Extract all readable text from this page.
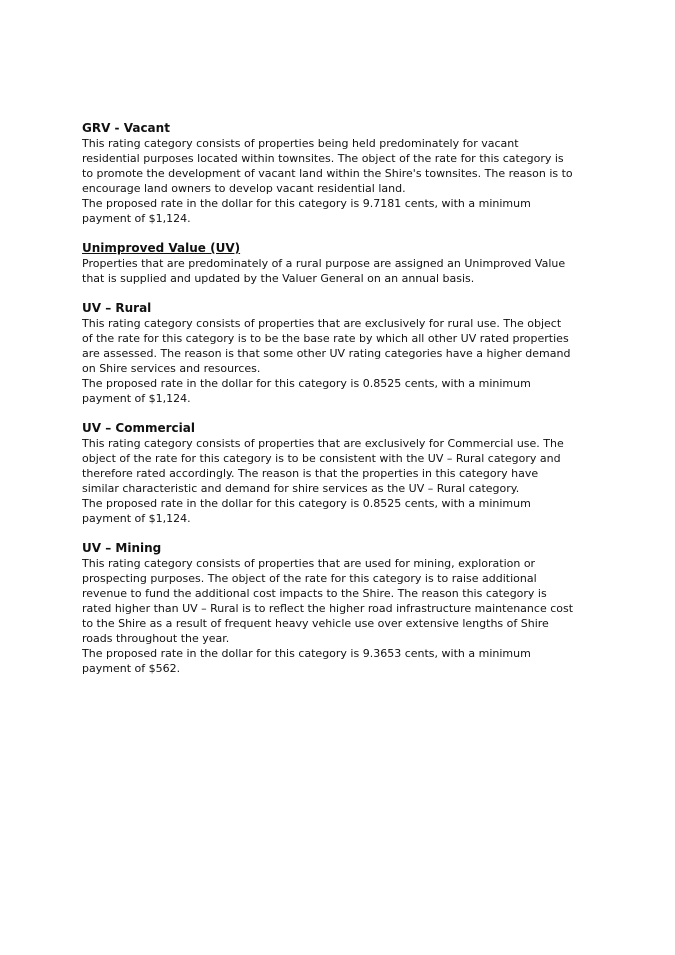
GRV - Vacant

This rating category consists of properties being held predominately for vacant
residential purposes located within townsites. The object of the rate for this category is
to promote the development of vacant land within the Shire's townsites. The reason is to
encourage land owners to develop vacant residential land.

The proposed rate in the dollar for this category is 9.7181 cents, with a minimum
payment of $1,124.

Unimproved Value (UV)

Properties that are predominately of a rural purpose are assigned an Unimproved Value
that is supplied and updated by the Valuer General on an annual basis.

UV – Rural

This rating category consists of properties that are exclusively for rural use. The object
of the rate for this category is to be the base rate by which all other UV rated properties
are assessed. The reason is that some other UV rating categories have a higher demand
on Shire services and resources.

The proposed rate in the dollar for this category is 0.8525 cents, with a minimum
payment of $1,124.

UV – Commercial

This rating category consists of properties that are exclusively for Commercial use. The
object of the rate for this category is to be consistent with the UV – Rural category and
therefore rated accordingly. The reason is that the properties in this category have
similar characteristic and demand for shire services as the UV – Rural category.

The proposed rate in the dollar for this category is 0.8525 cents, with a minimum
payment of $1,124.

UV – Mining

This rating category consists of properties that are used for mining, exploration or
prospecting purposes. The object of the rate for this category is to raise additional
revenue to fund the additional cost impacts to the Shire. The reason this category is
rated higher than UV – Rural is to reflect the higher road infrastructure maintenance cost
to the Shire as a result of frequent heavy vehicle use over extensive lengths of Shire
roads throughout the year.

The proposed rate in the dollar for this category is 9.3653 cents, with a minimum
payment of $562.
